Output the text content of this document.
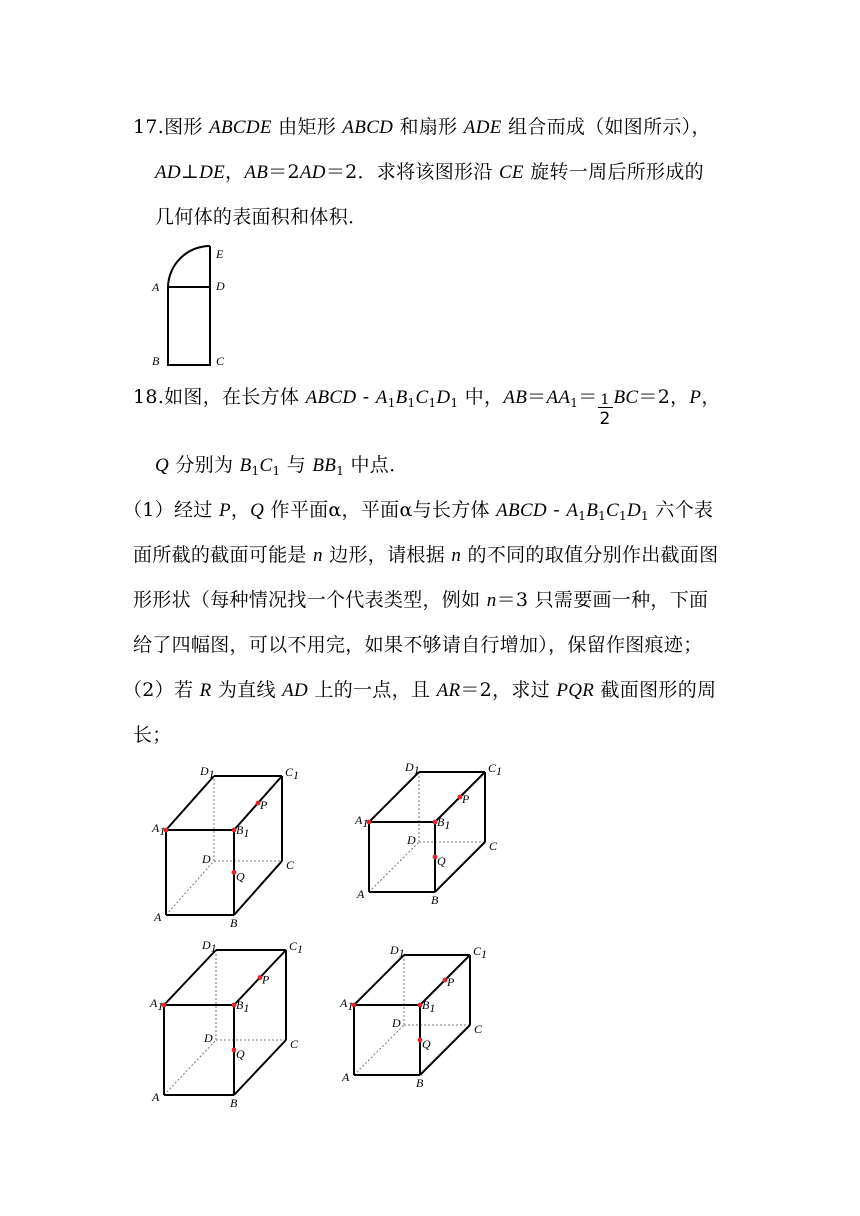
17.图形 ABCDE 由矩形 ABCD 和扇形 ADE 组合而成（如图所示），
AD⊥DE，AB＝2AD＝2．求将该图形沿 CE 旋转一周后所形成的
几何体的表面积和体积．
E
A	D
B	C
18.如图，在长方体 ABCD ‐ $A_1B_1C_1D_1$ 中，$AB=AA_1= \frac{1}{2} BC=2$，P，
Q 分别为 $B_1C_1$ 与 $BB_1$ 中点．
（1）经过 P，Q 作平面α，平面α与长方体 ABCD ‐ $A_1B_1C_1D_1$ 六个表
面所截的截面可能是 n 边形，请根据 n 的不同的取值分别作出截面图
形形状（每种情况找一个代表类型，例如 n＝3 只需要画一种，下面
给了四幅图，可以不用完，如果不够请自行增加），保留作图痕迹；
（2）若 R 为直线 AD 上的一点，且 AR＝2，求过 PQR 截面图形的周
长；
A1	B1
C1
D1
A	B
C
D
P
Q
A1	B1
C1
D1
A	B
C
D
P
Q
A1	B1
C1
D1
A	B
C
D
P
Q
A1	B1
C1
D1
A	B
C
D
P
Q
